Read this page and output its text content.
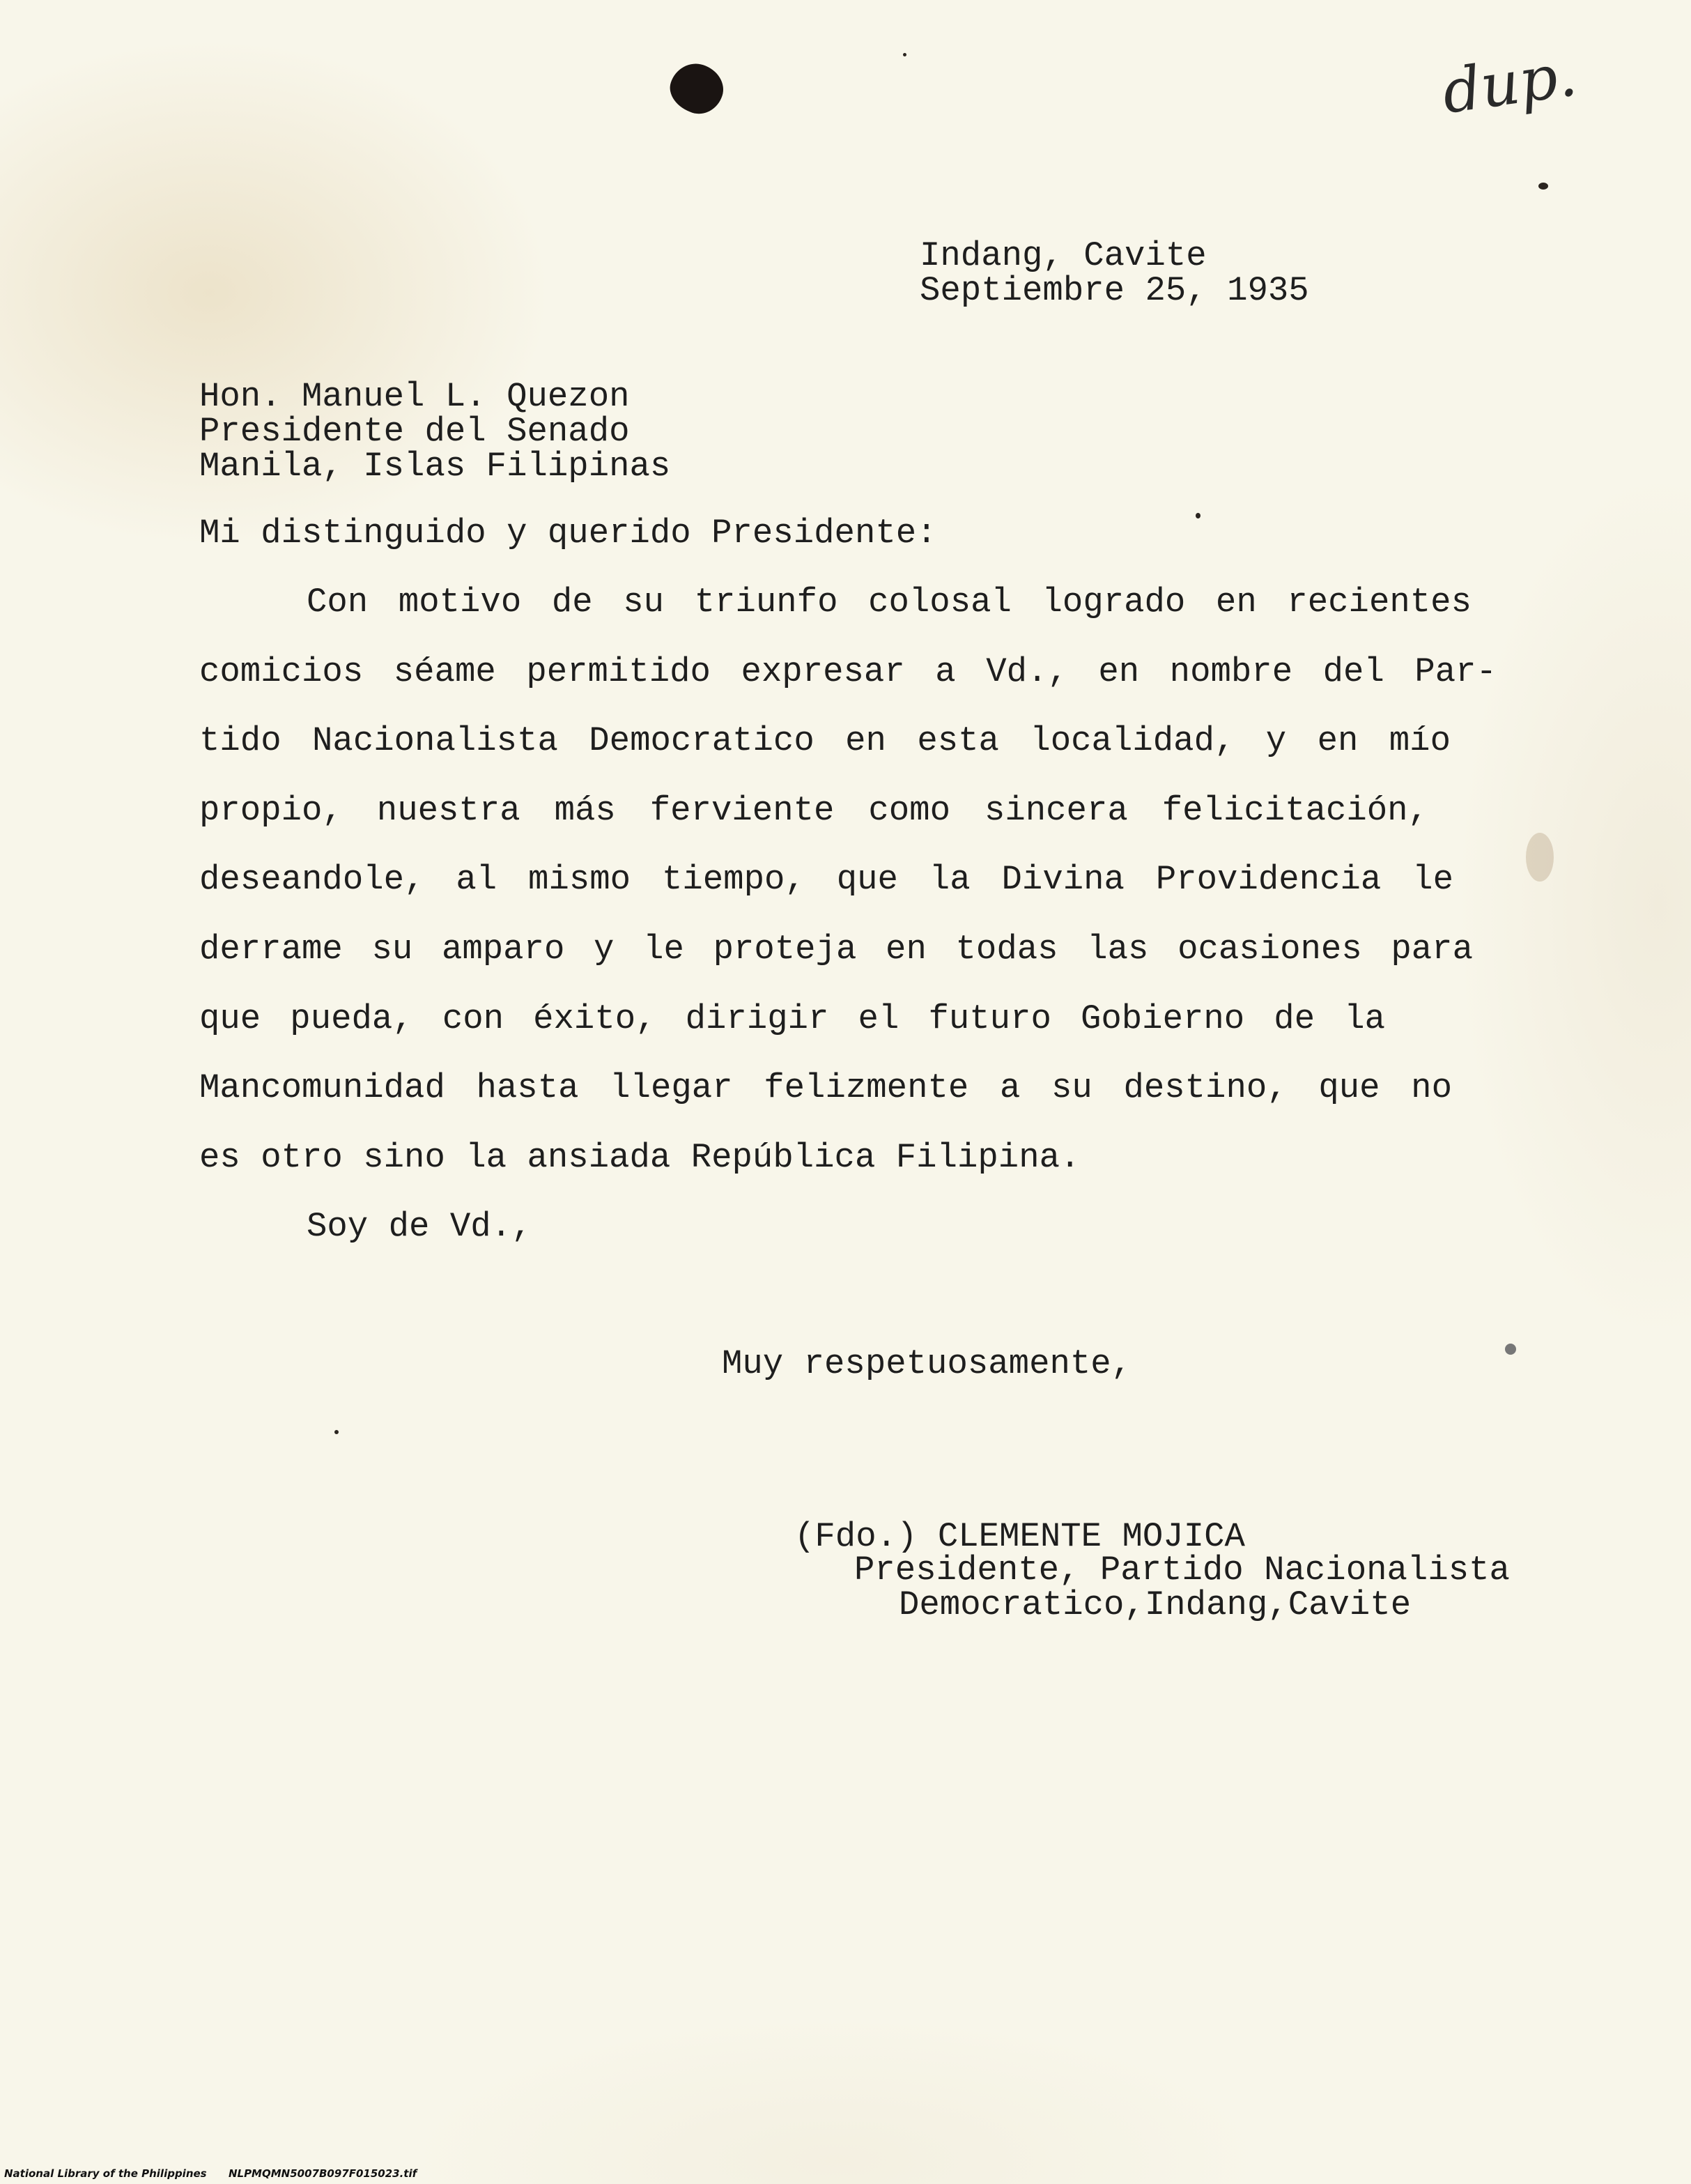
dup.
Indang, Cavite
Septiembre 25, 1935
Hon. Manuel L. Quezon
Presidente del Senado
Manila, Islas Filipinas
Mi distinguido y querido Presidente:
Con motivo de su triunfo colosal logrado en recientes
comicios séame permitido expresar a Vd., en nombre del Par-
tido Nacionalista Democratico en esta localidad, y en mío
propio, nuestra más ferviente como sincera felicitación,
deseandole, al mismo tiempo, que la Divina Providencia le
derrame su amparo y le proteja en todas las ocasiones para
que pueda, con éxito, dirigir el futuro Gobierno de la
Mancomunidad hasta llegar felizmente a su destino, que no
es otro sino la ansiada República Filipina.
Soy de Vd.,
Muy respetuosamente,
(Fdo.) CLEMENTE MOJICA
Presidente, Partido Nacionalista
Democratico,Indang,Cavite
National Library of the Philippines NLPMQMN5007B097F015023.tif
